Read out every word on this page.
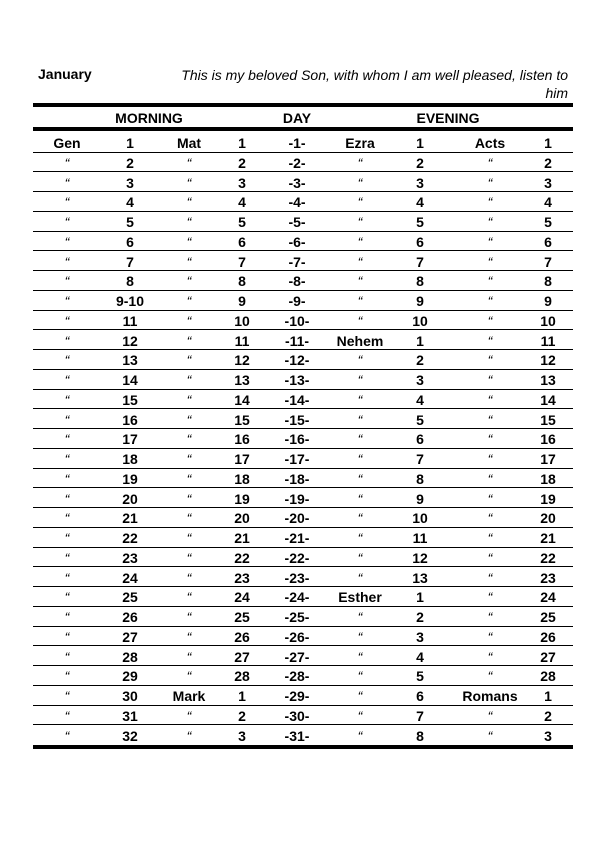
January	This is my beloved Son, with whom I am well pleased, listen to him
MORNING	DAY	EVENING
Gen	1	Mat	1	-1-	Ezra	1	Acts	1
“	2	“	2	-2-	“	2	“	2
“	3	“	3	-3-	“	3	“	3
“	4	“	4	-4-	“	4	“	4
“	5	“	5	-5-	“	5	“	5
“	6	“	6	-6-	“	6	“	6
“	7	“	7	-7-	“	7	“	7
“	8	“	8	-8-	“	8	“	8
“	9-10	“	9	-9-	“	9	“	9
“	11	“	10 -10-	“	10	“	10
“	12	“	11	-11- Nehem 1	“	11
“	13	“	12 -12-	“	2	“	12
“	14	“	13 -13-	“	3	“	13
“	15	“	14 -14-	“	4	“	14
“	16	“	15 -15-	“	5	“	15
“	17	“	16 -16-	“	6	“	16
“	18	“	17 -17-	“	7	“	17
“	19	“	18 -18-	“	8	“	18
“	20	“	19 -19-	“	9	“	19
“	21	“	20 -20-	“	10	“	20
“	22	“	21 -21-	“	11	“	21
“	23	“	22 -22-	“	12	“	22
“	24	“	23 -23-	“	13	“	23
“	25	“	24 -24- Esther 1	“	24
“	26	“	25 -25-	“	2	“	25
“	27	“	26 -26-	“	3	“	26
“	28	“	27 -27-	“	4	“	27
“	29	“	28 -28-	“	5	“	28
“	30 Mark 1	-29-	“	6	Romans 1
“	31	“	2	-30-	“	7	“	2
“	32	“	3	-31-	“	8	“	3
